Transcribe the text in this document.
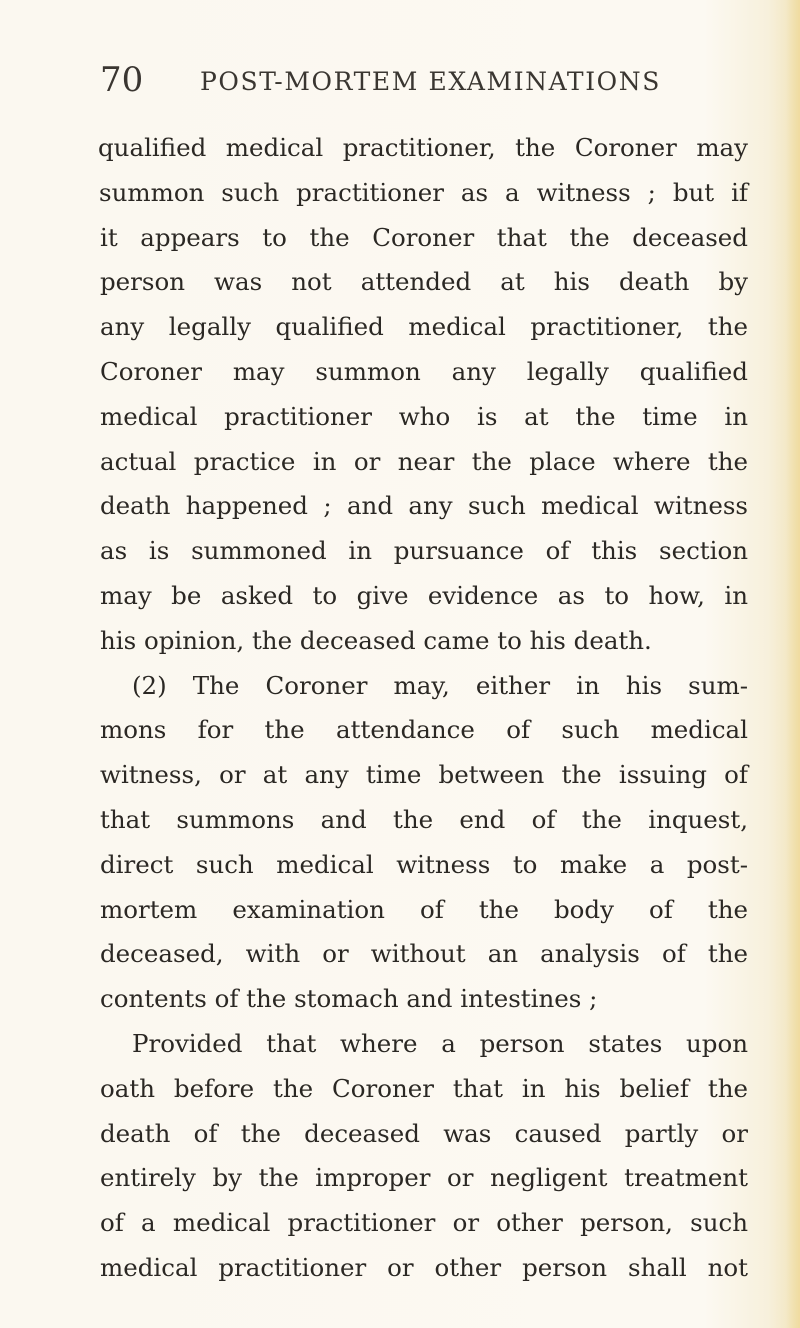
70 POST-MORTEM EXAMINATIONS
qualified medical practitioner, the Coroner may
summon such practitioner as a witness ; but if
it appears to the Coroner that the deceased
person was not attended at his death by
any legally qualified medical practitioner, the
Coroner may summon any legally qualified
medical practitioner who is at the time in
actual practice in or near the place where the
death happened ; and any such medical witness
as is summoned in pursuance of this section
may be asked to give evidence as to how, in
his opinion, the deceased came to his death.
(2) The Coroner may, either in his sum-
mons for the attendance of such medical
witness, or at any time between the issuing of
that summons and the end of the inquest,
direct such medical witness to make a post-
mortem examination of the body of the
deceased, with or without an analysis of the
contents of the stomach and intestines ;
Provided that where a person states upon
oath before the Coroner that in his belief the
death of the deceased was caused partly or
entirely by the improper or negligent treatment
of a medical practitioner or other person, such
medical practitioner or other person shall not
